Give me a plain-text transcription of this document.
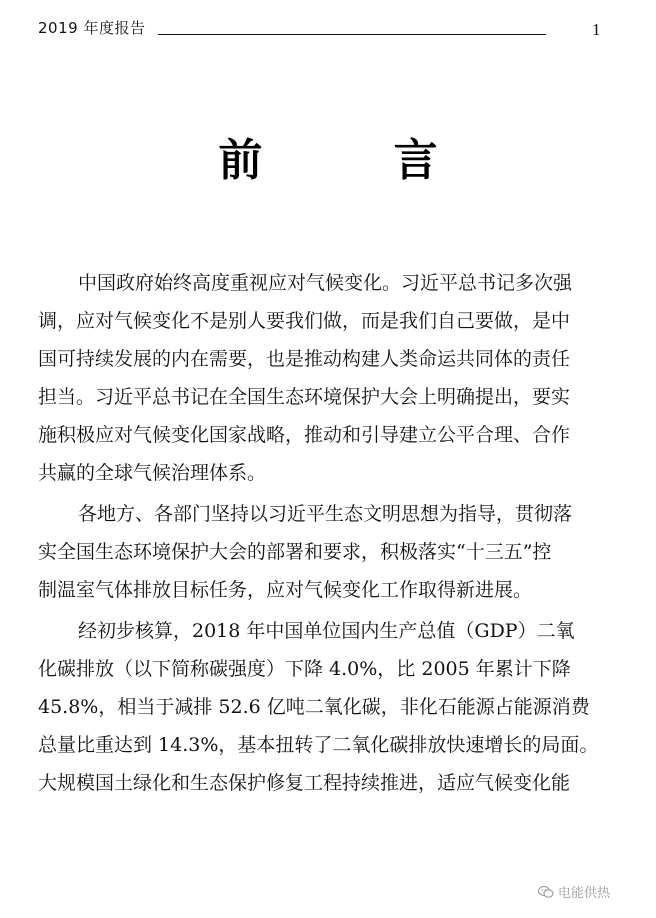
2019 年度报告	1
前 言
中国政府始终高度重视应对气候变化。习近平总书记多次强
调，应对气候变化不是别人要我们做，而是我们自己要做，是中
国可持续发展的内在需要，也是推动构建人类命运共同体的责任
担当。习近平总书记在全国生态环境保护大会上明确提出，要实
施积极应对气候变化国家战略，推动和引导建立公平合理、合作
共赢的全球气候治理体系。
各地方、各部门坚持以习近平生态文明思想为指导，贯彻落
实全国生态环境保护大会的部署和要求，积极落实“十三五”控
制温室气体排放目标任务，应对气候变化工作取得新进展。
经初步核算，2018 年中国单位国内生产总值（GDP）二氧
化碳排放（以下简称碳强度）下降 4.0%，比 2005 年累计下降
45.8%，相当于减排 52.6 亿吨二氧化碳，非化石能源占能源消费
总量比重达到 14.3%，基本扭转了二氧化碳排放快速增长的局面。
大规模国土绿化和生态保护修复工程持续推进，适应气候变化能
电能供热
